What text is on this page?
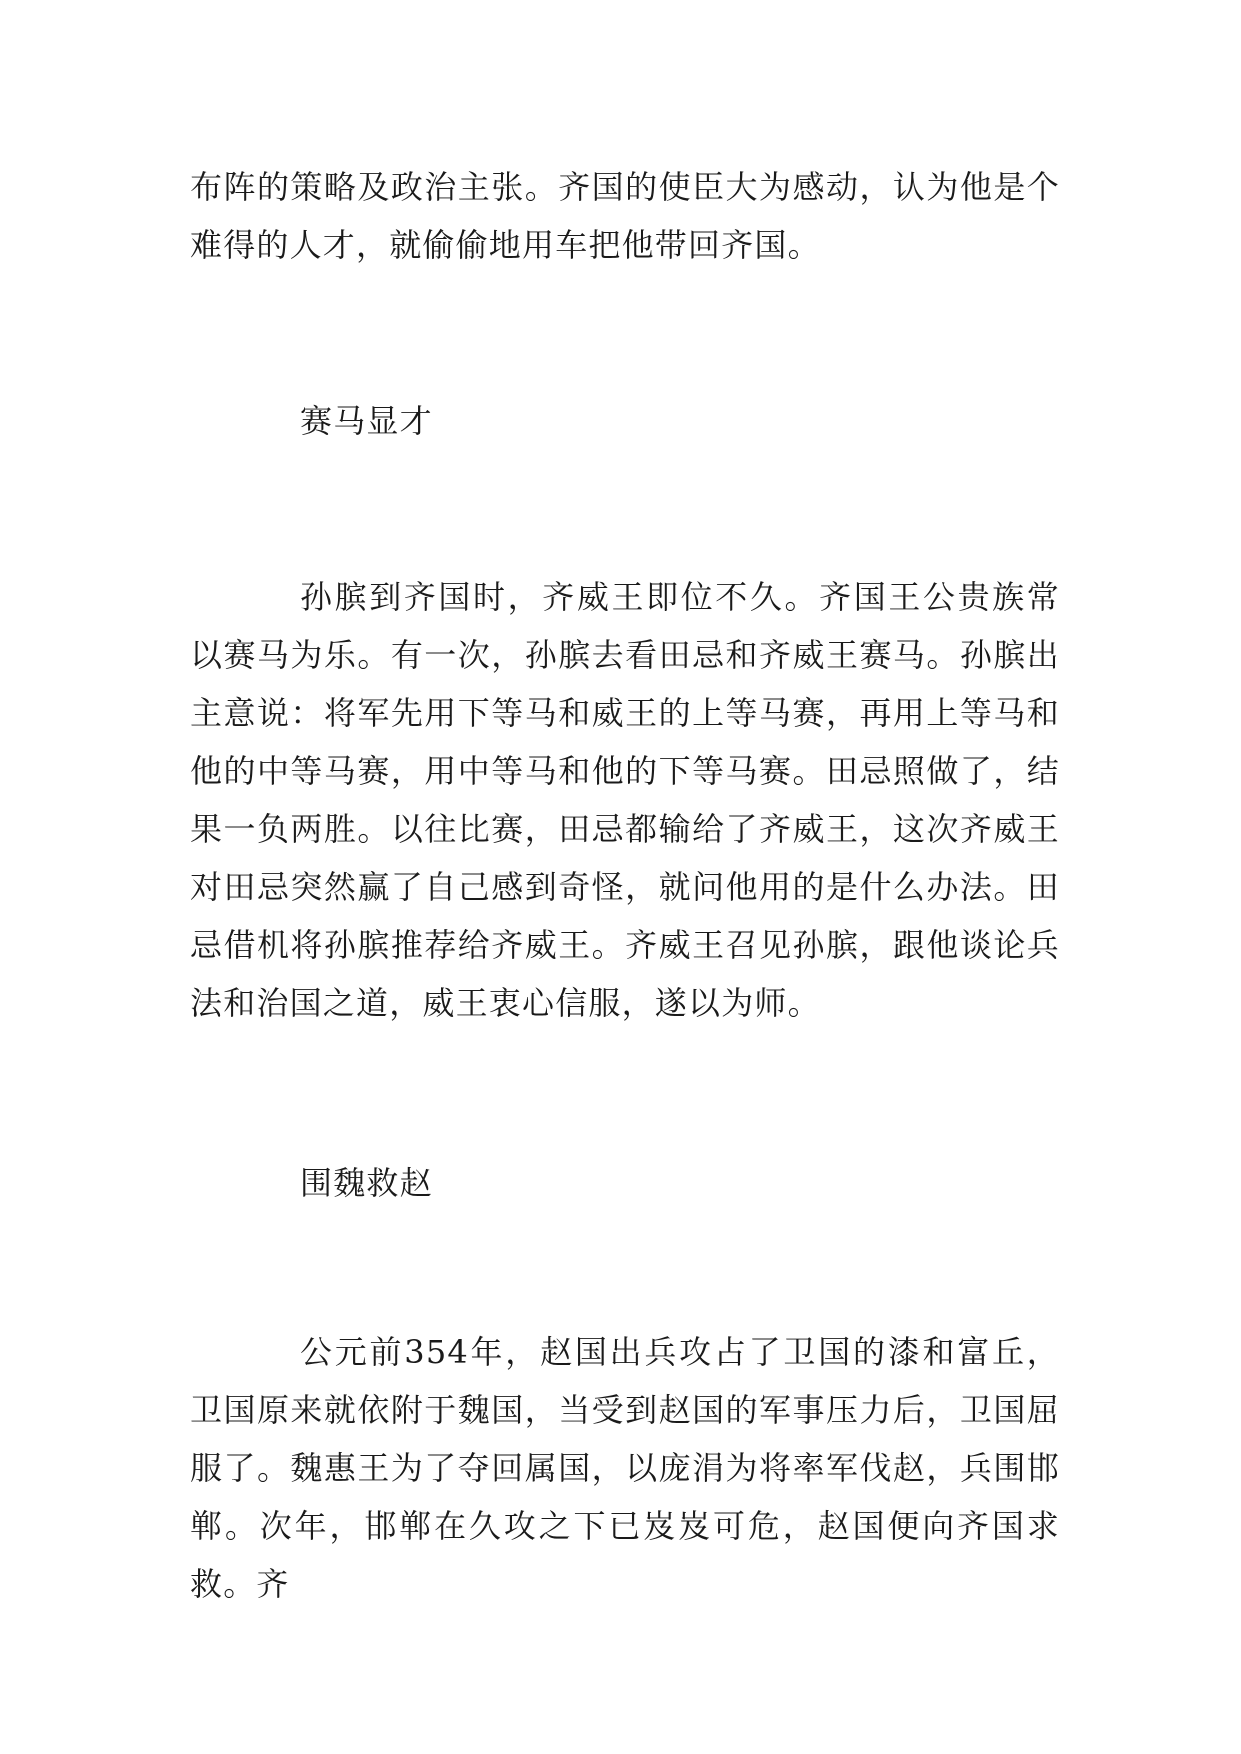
布阵的策略及政治主张。齐国的使臣大为感动，认为他是个难得的人才，就偷偷地用车把他带回齐国。

赛马显才

孙膑到齐国时，齐威王即位不久。齐国王公贵族常以赛马为乐。有一次，孙膑去看田忌和齐威王赛马。孙膑出主意说：将军先用下等马和威王的上等马赛，再用上等马和他的中等马赛，用中等马和他的下等马赛。田忌照做了，结果一负两胜。以往比赛，田忌都输给了齐威王，这次齐威王对田忌突然赢了自己感到奇怪，就问他用的是什么办法。田忌借机将孙膑推荐给齐威王。齐威王召见孙膑，跟他谈论兵法和治国之道，威王衷心信服，遂以为师。

围魏救赵

公元前354年，赵国出兵攻占了卫国的漆和富丘，卫国原来就依附于魏国，当受到赵国的军事压力后，卫国屈服了。魏惠王为了夺回属国，以庞涓为将率军伐赵，兵围邯郸。次年，邯郸在久攻之下已岌岌可危，赵国便向齐国求救。齐
